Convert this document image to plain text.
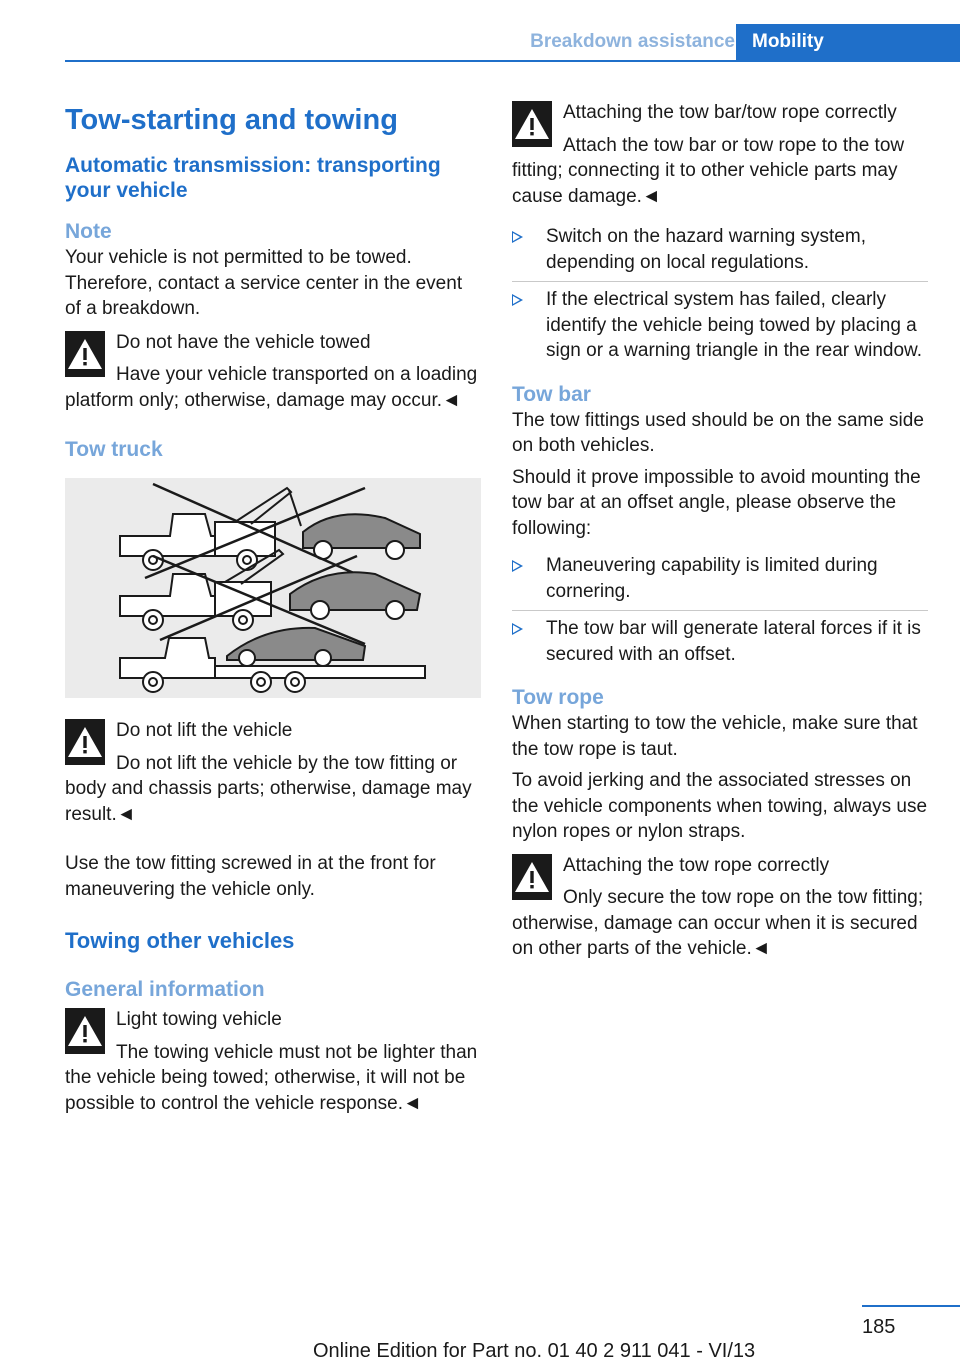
Breakdown assistance Mobility
Tow-starting and towing
Automatic transmission: transporting your vehicle
Note

Your vehicle is not permitted to be towed. Therefore, contact a service center in the event of a breakdown.

Do not have the vehicle towed
Have your vehicle transported on a loading platform only; otherwise, damage may occur.◄
Tow truck
Do not lift the vehicle
Do not lift the vehicle by the tow fitting or body and chassis parts; otherwise, damage may result.◄

Use the tow fitting screwed in at the front for maneuvering the vehicle only.

Towing other vehicles
General information
Light towing vehicle
The towing vehicle must not be lighter than the vehicle being towed; otherwise, it will not be possible to control the vehicle response.◄
Attaching the tow bar/tow rope correctly
Attach the tow bar or tow rope to the tow fitting; connecting it to other vehicle parts may cause damage.◄
Switch on the hazard warning system, depending on local regulations.
If the electrical system has failed, clearly identify the vehicle being towed by placing a sign or a warning triangle in the rear window.
Tow bar

The tow fittings used should be on the same side on both vehicles.

Should it prove impossible to avoid mounting the tow bar at an offset angle, please observe the following:

Maneuvering capability is limited during cornering.
The tow bar will generate lateral forces if it is secured with an offset.
Tow rope

When starting to tow the vehicle, make sure that the tow rope is taut.

To avoid jerking and the associated stresses on the vehicle components when towing, always use nylon ropes or nylon straps.

Attaching the tow rope correctly
Only secure the tow rope on the tow fitting; otherwise, damage can occur when it is secured on other parts of the vehicle.◄
185
Online Edition for Part no. 01 40 2 911 041 - VI/13
